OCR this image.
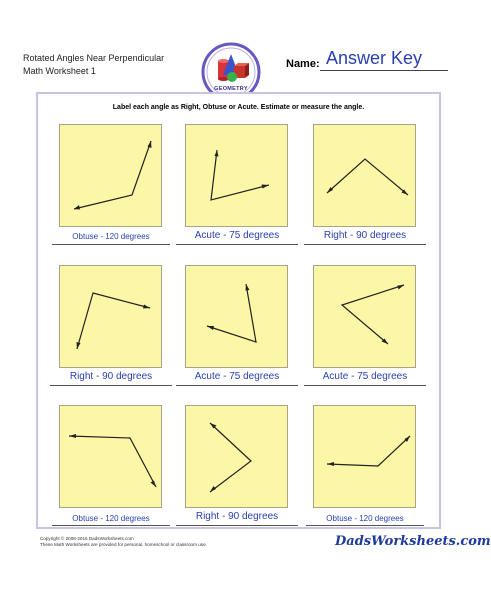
Rotated Angles Near Perpendicular
Math Worksheet 1
GEOMETRY
Name: Answer Key
Label each angle as Right, Obtuse or Acute. Estimate or measure the angle.
Obtuse - 120 degrees	Acute - 75 degrees	Right - 90 degrees
Right - 90 degrees	Acute - 75 degrees	Acute - 75 degrees
Obtuse - 120 degrees	Right - 90 degrees	Obtuse - 120 degrees
Copyright © 2008-2016 DadsWorksheets.com
These Math Worksheets are provided for personal, homeschool or classroom use.	DadsWorksheets.com
